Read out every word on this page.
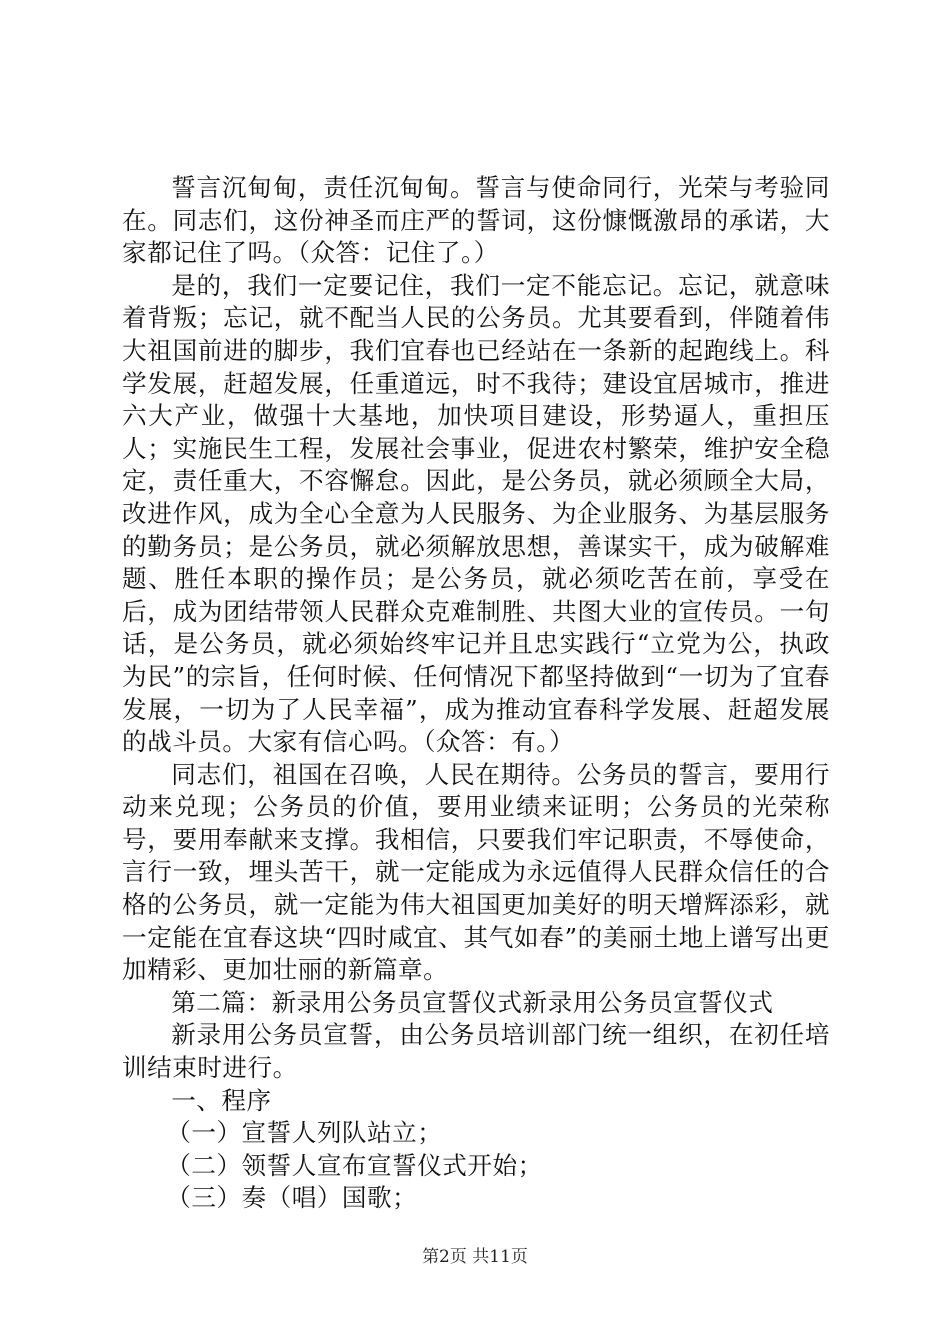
誓言沉甸甸，责任沉甸甸。誓言与使命同行，光荣与考验同在。同志们，这份神圣而庄严的誓词，这份慷慨激昂的承诺，大家都记住了吗。（众答：记住了。）

是的，我们一定要记住，我们一定不能忘记。忘记，就意味着背叛；忘记，就不配当人民的公务员。尤其要看到，伴随着伟大祖国前进的脚步，我们宜春也已经站在一条新的起跑线上。科学发展，赶超发展，任重道远，时不我待；建设宜居城市，推进六大产业，做强十大基地，加快项目建设，形势逼人，重担压人；实施民生工程，发展社会事业，促进农村繁荣，维护安全稳定，责任重大，不容懈怠。因此，是公务员，就必须顾全大局，改进作风，成为全心全意为人民服务、为企业服务、为基层服务的勤务员；是公务员，就必须解放思想，善谋实干，成为破解难题、胜任本职的操作员；是公务员，就必须吃苦在前，享受在后，成为团结带领人民群众克难制胜、共图大业的宣传员。一句话，是公务员，就必须始终牢记并且忠实践行“立党为公，执政为民”的宗旨，任何时候、任何情况下都坚持做到“一切为了宜春发展，一切为了人民幸福”，成为推动宜春科学发展、赶超发展的战斗员。大家有信心吗。（众答：有。）

同志们，祖国在召唤，人民在期待。公务员的誓言，要用行动来兑现；公务员的价值，要用业绩来证明；公务员的光荣称号，要用奉献来支撑。我相信，只要我们牢记职责，不辱使命，言行一致，埋头苦干，就一定能成为永远值得人民群众信任的合格的公务员，就一定能为伟大祖国更加美好的明天增辉添彩，就一定能在宜春这块“四时咸宜、其气如春”的美丽土地上谱写出更加精彩、更加壮丽的新篇章。

第二篇：新录用公务员宣誓仪式新录用公务员宣誓仪式

新录用公务员宣誓，由公务员培训部门统一组织，在初任培训结束时进行。

一、程序

（一）宣誓人列队站立；

（二）领誓人宣布宣誓仪式开始；

（三）奏（唱）国歌；

第2页 共11页
